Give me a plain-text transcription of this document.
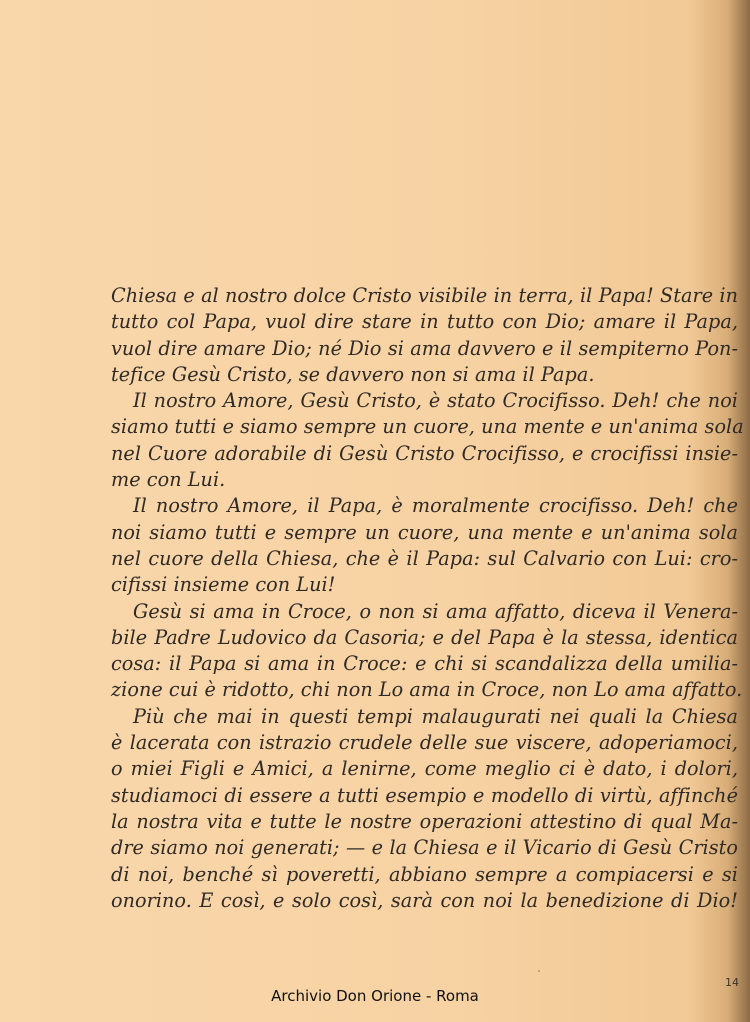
Chiesa e al nostro dolce Cristo visibile in terra, il Papa! Stare in
tutto col Papa, vuol dire stare in tutto con Dio; amare il Papa,
vuol dire amare Dio; né Dio si ama davvero e il sempiterno Pon-
tefice Gesù Cristo, se davvero non si ama il Papa.
Il nostro Amore, Gesù Cristo, è stato Crocifisso. Deh! che noi
siamo tutti e siamo sempre un cuore, una mente e un'anima sola
nel Cuore adorabile di Gesù Cristo Crocifisso, e crocifissi insie-
me con Lui.
Il nostro Amore, il Papa, è moralmente crocifisso. Deh! che
noi siamo tutti e sempre un cuore, una mente e un'anima sola
nel cuore della Chiesa, che è il Papa: sul Calvario con Lui: cro-
cifissi insieme con Lui!
Gesù si ama in Croce, o non si ama affatto, diceva il Venera-
bile Padre Ludovico da Casoria; e del Papa è la stessa, identica
cosa: il Papa si ama in Croce: e chi si scandalizza della umilia-
zione cui è ridotto, chi non Lo ama in Croce, non Lo ama affatto.
Più che mai in questi tempi malaugurati nei quali la Chiesa
è lacerata con istrazio crudele delle sue viscere, adoperiamoci,
o miei Figli e Amici, a lenirne, come meglio ci è dato, i dolori,
studiamoci di essere a tutti esempio e modello di virtù, affinché
la nostra vita e tutte le nostre operazioni attestino di qual Ma-
dre siamo noi generati; — e la Chiesa e il Vicario di Gesù Cristo
di noi, benché sì poveretti, abbiano sempre a compiacersi e si
onorino. E così, e solo così, sarà con noi la benedizione di Dio!
14
Archivio Don Orione - Roma
